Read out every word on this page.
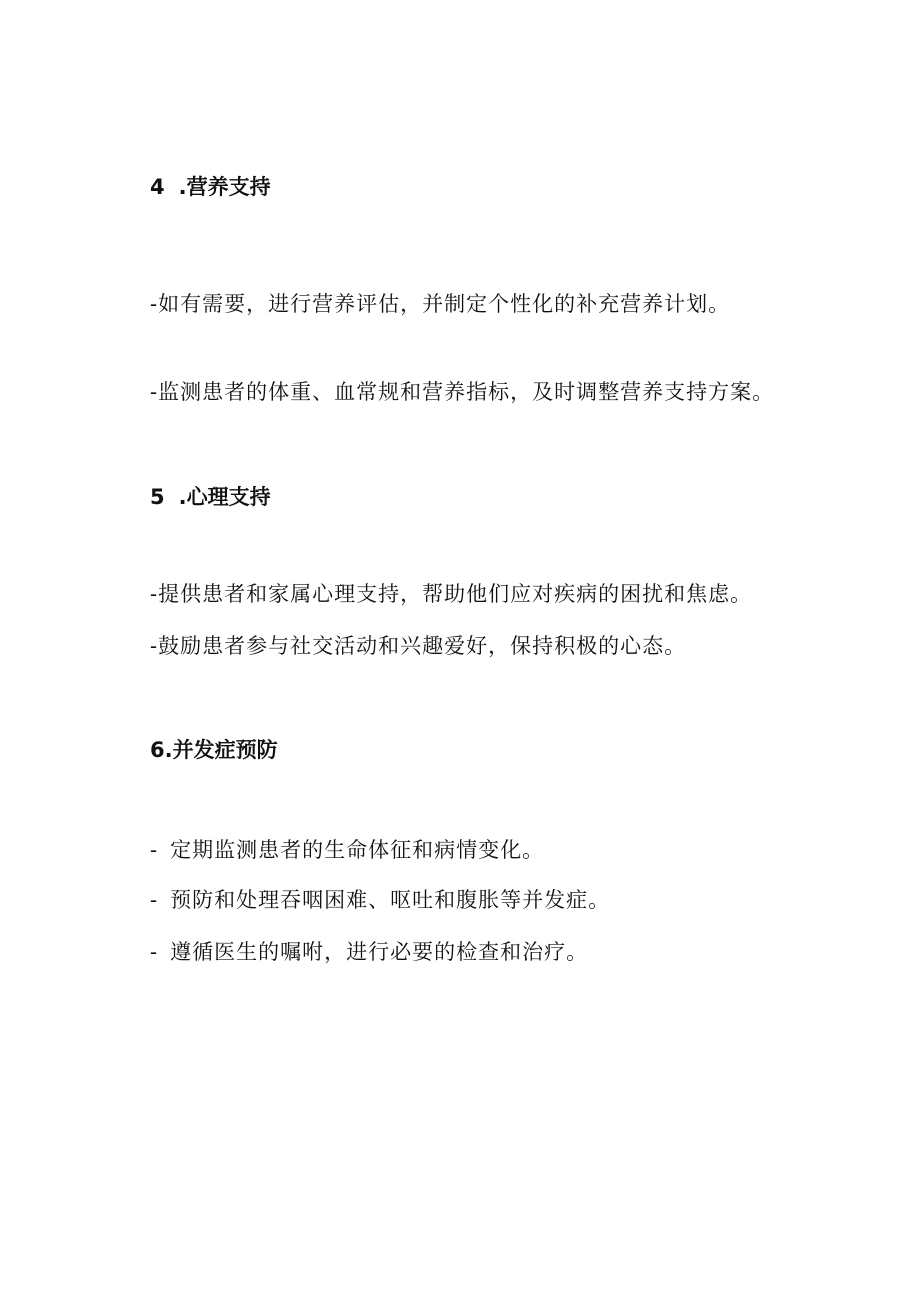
4 .营养支持

-如有需要，进行营养评估，并制定个性化的补充营养计划。

-监测患者的体重、血常规和营养指标，及时调整营养支持方案。

5 .心理支持

-提供患者和家属心理支持，帮助他们应对疾病的困扰和焦虑。

-鼓励患者参与社交活动和兴趣爱好，保持积极的心态。

6.并发症预防

- 定期监测患者的生命体征和病情变化。

- 预防和处理吞咽困难、呕吐和腹胀等并发症。

- 遵循医生的嘱咐，进行必要的检查和治疗。
